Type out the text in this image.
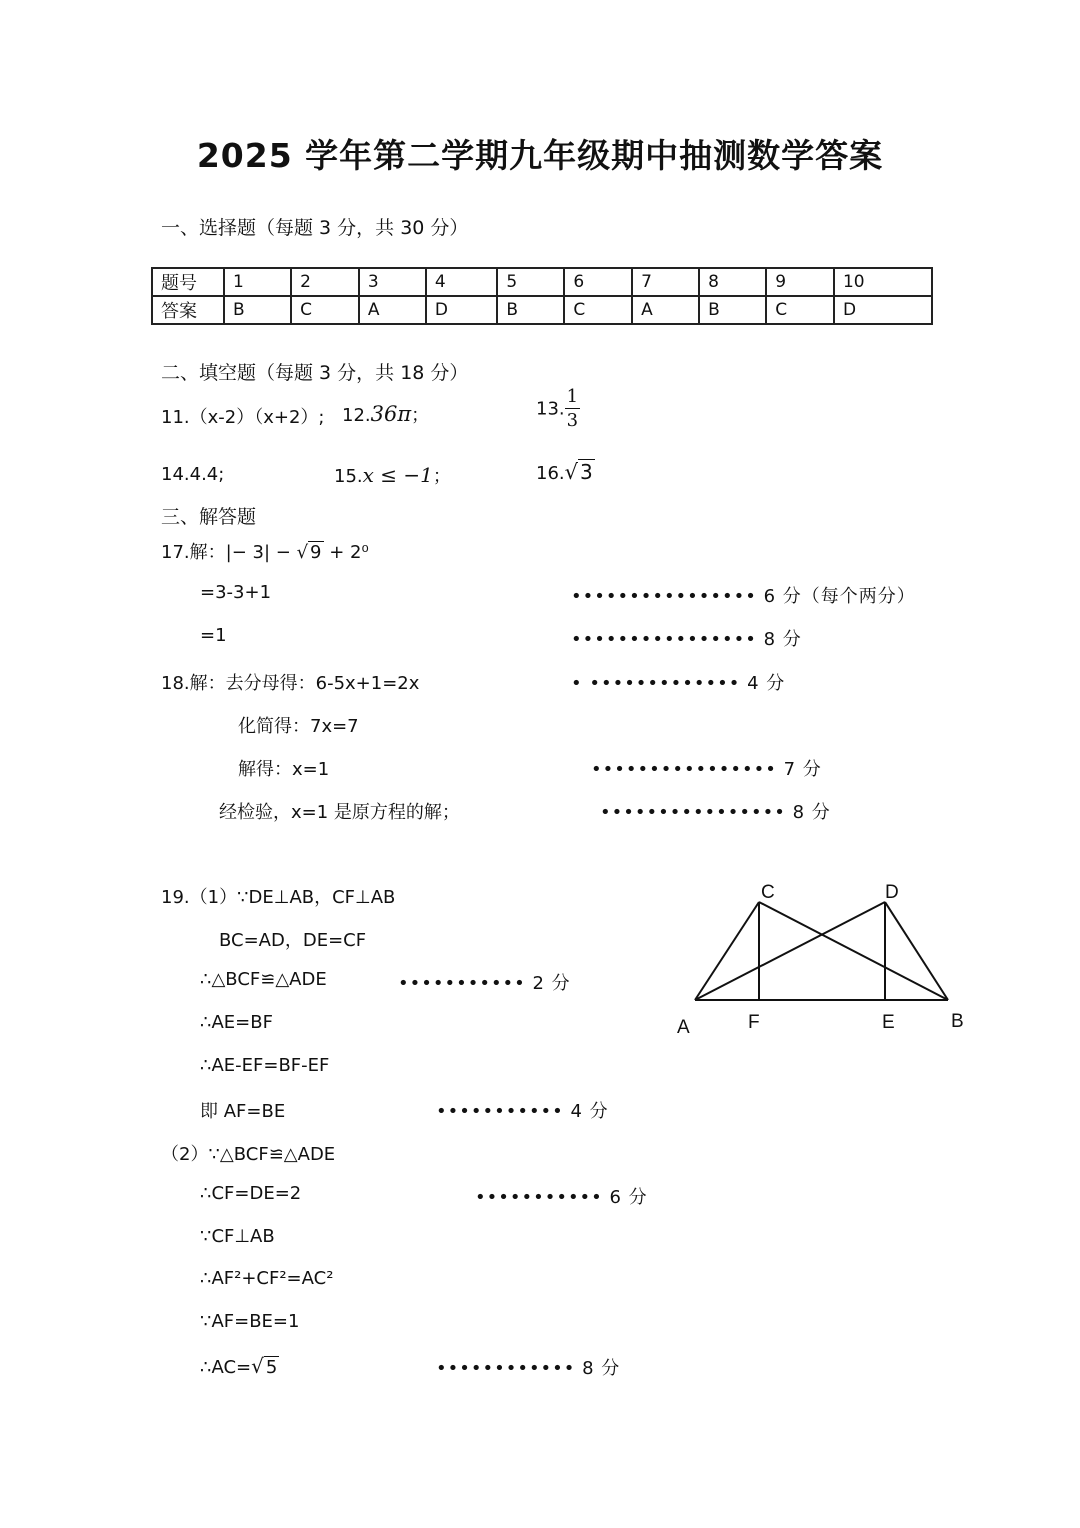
2025 学年第二学期九年级期中抽测数学答案
一、选择题（每题 3 分，共 30 分）
题号	1	2	3	4	5	6	7	8	9	10
答案	B	C	A	D	B	C	A	B	C	D
二、填空题（每题 3 分，共 18 分）
11.（x-2）（x+2）; 12.36π；	13. $\frac{1}{3}$
14.4.4;	15.x ≤ −1；	16.√ 3
三、解答题
17.解：|− 3| − √ 9 + 2⁰
=3-3+1	•••••••••••••••• 6 分（每个两分）
=1	•••••••••••••••• 8 分
18.解：去分母得：6-5x+1=2x	• ••••••••••••• 4 分
化简得：7x=7
解得：x=1	•••••••••••••••• 7 分
经检验，x=1 是原方程的解；	•••••••••••••••• 8 分
19.（1）∵DE⊥AB，CF⊥AB
BC=AD，DE=CF
∴△BCF≌△ADE	••••••••••• 2 分
∴AE=BF
∴AE-EF=BF-EF
即 AF=BE	••••••••••• 4 分
（2）∵△BCF≌△ADE
∴CF=DE=2	••••••••••• 6 分
∵CF⊥AB
∴AF²+CF²=AC²
∵AF=BE=1
∴AC=√ 5	•••••••••••• 8 分
C	D
A	F	E	B
